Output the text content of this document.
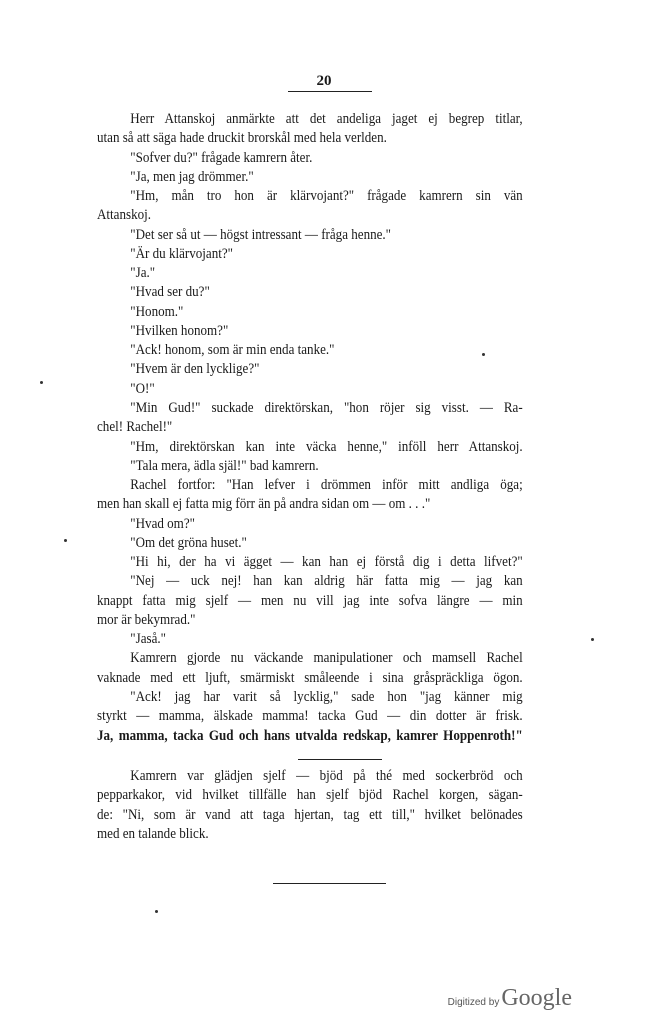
20
Herr Attanskoj anmärkte att det andeliga jaget ej begrep titlar,
utan så att säga hade druckit brorskål med hela verlden.
"Sofver du?" frågade kamrern åter.
"Ja, men jag drömmer."
"Hm, mån tro hon är klärvojant?" frågade kamrern sin vän
Attanskoj.
"Det ser så ut — högst intressant — fråga henne."
"Är du klärvojant?"
"Ja."
"Hvad ser du?"
"Honom."
"Hvilken honom?"
"Ack! honom, som är min enda tanke."
"Hvem är den lycklige?"
"O!"
"Min Gud!" suckade direktörskan, "hon röjer sig visst. — Ra-
chel! Rachel!"
"Hm, direktörskan kan inte väcka henne," inföll herr Attanskoj.
"Tala mera, ädla själ!" bad kamrern.
Rachel fortfor: "Han lefver i drömmen inför mitt andliga öga;
men han skall ej fatta mig förr än på andra sidan om — om . . ."
"Hvad om?"
"Om det gröna huset."
"Hi hi, der ha vi ägget — kan han ej förstå dig i detta lifvet?"
"Nej — uck nej! han kan aldrig här fatta mig — jag kan
knappt fatta mig sjelf — men nu vill jag inte sofva längre — min
mor är bekymrad."
"Jaså."
Kamrern gjorde nu väckande manipulationer och mamsell Rachel
vaknade med ett ljuft, smärmiskt småleende i sina gråspräckliga ögon.
"Ack! jag har varit så lycklig," sade hon "jag känner mig
styrkt — mamma, älskade mamma! tacka Gud — din dotter är frisk.
Ja, mamma, tacka Gud och hans utvalda redskap, kamrer Hoppenroth!"
Kamrern var glädjen sjelf — bjöd på thé med sockerbröd och
pepparkakor, vid hvilket tillfälle han sjelf bjöd Rachel korgen, sägan-
de: "Ni, som är vand att taga hjertan, tag ett till," hvilket belönades
med en talande blick.
Digitized byGoogle
